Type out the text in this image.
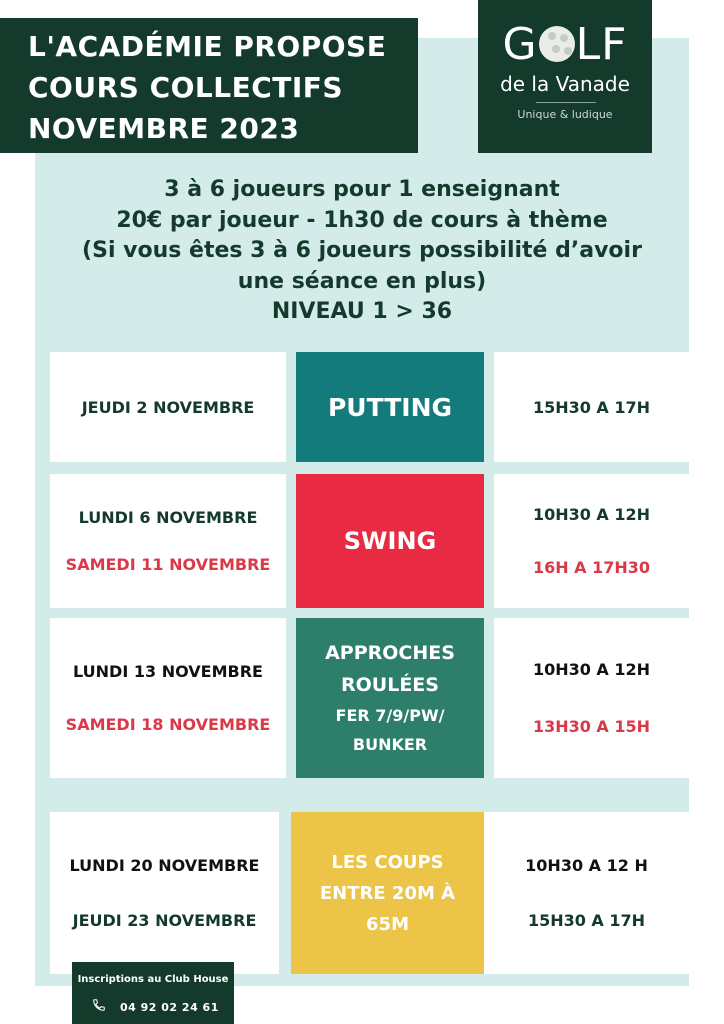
L'ACADÉMIE PROPOSE
COURS COLLECTIFS
NOVEMBRE 2023
G LF
de la Vanade
Unique & ludique
3 à 6 joueurs pour 1 enseignant
20€ par joueur - 1h30 de cours à thème
(Si vous êtes 3 à 6 joueurs possibilité d’avoir
une séance en plus)
NIVEAU 1 > 36
JEUDI 2 NOVEMBRE	PUTTING	15H30 A 17H
LUNDI 6 NOVEMBRE
SAMEDI 11 NOVEMBRE
SWING
10H30 A 12H
16H A 17H30
LUNDI 13 NOVEMBRE
SAMEDI 18 NOVEMBRE
APPROCHES
ROULÉES
FER 7/9/PW/
BUNKER
10H30 A 12H
13H30 A 15H
LUNDI 20 NOVEMBRE
JEUDI 23 NOVEMBRE
LES COUPS
ENTRE 20M À
65M
10H30 A 12 H
15H30 A 17H
Inscriptions au Club House
04 92 02 24 61
